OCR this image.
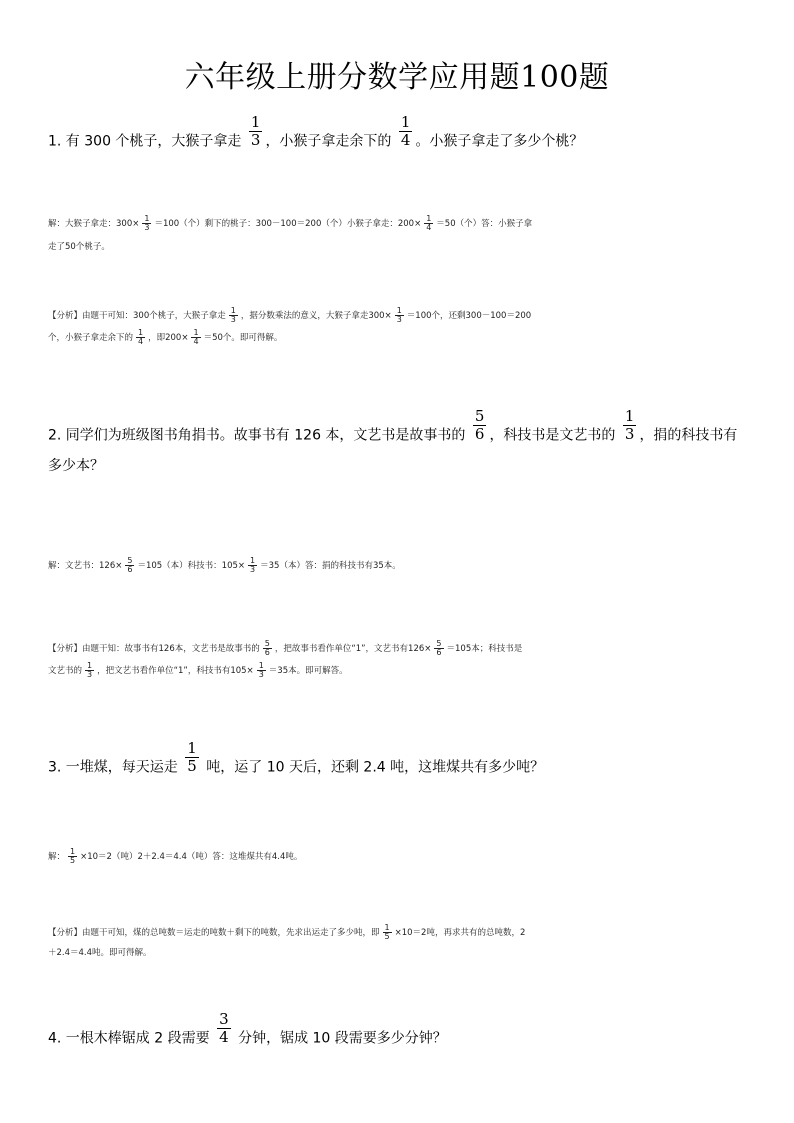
六年级上册分数学应用题100题
1. 有 300 个桃子，大猴子拿走 $\frac{1}{3}$ ，小猴子拿走余下的 $\frac{1}{4}$ 。小猴子拿走了多少个桃？
解：大猴子拿走：$300\times \frac{1}{3} =100$（个）剩下的桃子：300－100＝200（个）小猴子拿走：$200\times \frac{1}{4} =50$（个）答：小猴子拿
走了50个桃子。
【分析】由题干可知：300个桃子，大猴子拿走 $\frac{1}{3}$ ，据分数乘法的意义，大猴子拿走$300\times \frac{1}{3} =100$个，还剩300－100＝200
个，小猴子拿走余下的 $\frac{1}{4}$ ，即$200\times \frac{1}{4} =50$个。即可得解。
2. 同学们为班级图书角捐书。故事书有 126 本，文艺书是故事书的 $\frac{5}{6}$ ，科技书是文艺书的 $\frac{1}{3}$ ，捐的科技书有
多少本？
解：文艺书：$126\times \frac{5}{6} =105$（本）科技书：$105\times \frac{1}{3} =35$（本）答：捐的科技书有35本。
【分析】由题干知：故事书有126本，文艺书是故事书的 $\frac{5}{6}$ ，把故事书看作单位“1”，文艺书有$126\times \frac{5}{6} =105$本；科技书是
文艺书的 $\frac{1}{3}$ ，把文艺书看作单位“1”，科技书有$105\times \frac{1}{3} =35$本。即可解答。
3. 一堆煤，每天运走 $\frac{1}{5}$ 吨，运了 10 天后，还剩 2.4 吨，这堆煤共有多少吨？
解： $\frac{1}{5} \times 10=2$（吨）2＋2.4＝4.4（吨）答：这堆煤共有4.4吨。
【分析】由题干可知，煤的总吨数＝运走的吨数＋剩下的吨数，先求出运走了多少吨，即 $\frac{1}{5} \times 10=2$吨，再求共有的总吨数，2
＋2.4＝4.4吨。即可得解。
4. 一根木棒锯成 2 段需要 $\frac{3}{4}$ 分钟，锯成 10 段需要多少分钟？
